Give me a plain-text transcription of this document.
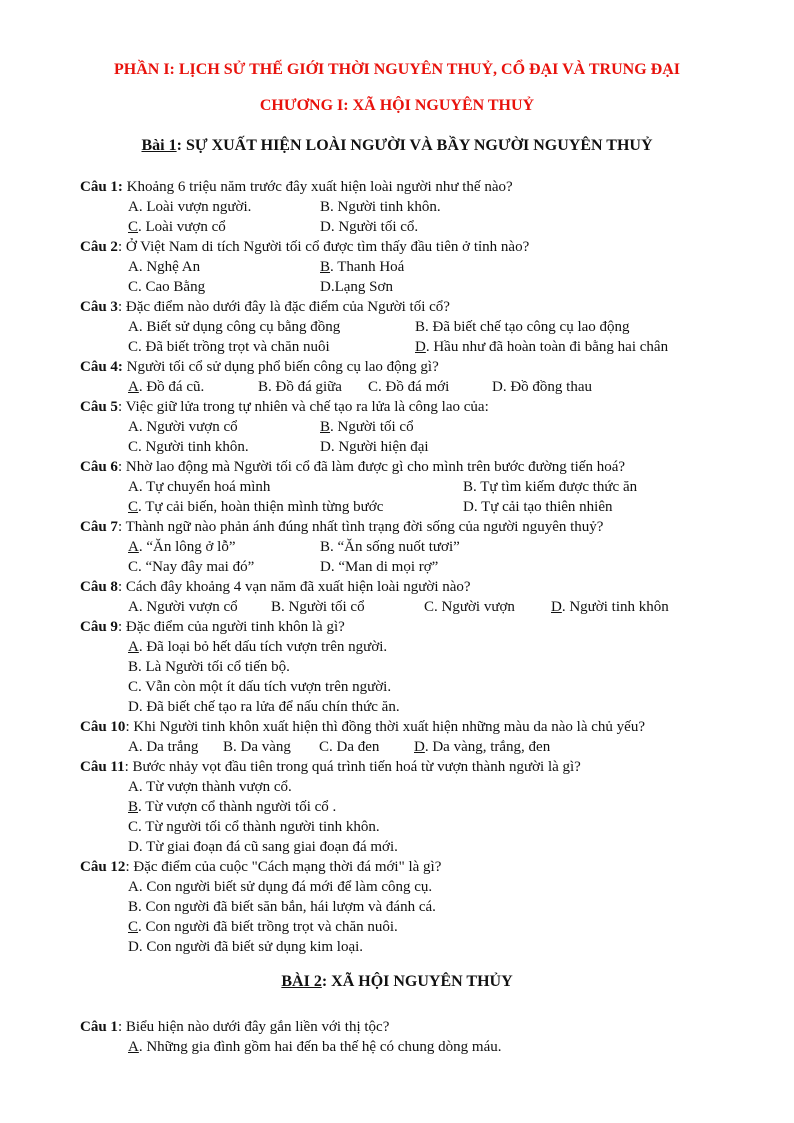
PHẦN I: LỊCH SỬ THẾ GIỚI THỜI NGUYÊN THUỶ, CỔ ĐẠI VÀ TRUNG ĐẠI
CHƯƠNG I: XÃ HỘI NGUYÊN THUỶ
Bài 1: SỰ XUẤT HIỆN LOÀI NGƯỜI VÀ BẦY NGƯỜI NGUYÊN THUỶ
Câu 1: Khoảng 6 triệu năm trước đây xuất hiện loài người như thế nào?
A. Loài vượn người.	B. Người tinh khôn.
C. Loài vượn cổ	D. Người tối cổ.
Câu 2: Ở Việt Nam di tích Người tối cổ được tìm thấy đầu tiên ở tỉnh nào?
A. Nghệ An	B. Thanh Hoá
C. Cao Bằng	D.Lạng Sơn
Câu 3: Đặc điểm nào dưới đây là đặc điểm của Người tối cổ?
A. Biết sử dụng công cụ bằng đồng	B. Đã biết chế tạo công cụ lao động
C. Đã biết trồng trọt và chăn nuôi	D. Hầu như đã hoàn toàn đi bằng hai chân
Câu 4: Người tối cổ sử dụng phổ biến công cụ lao động gì?
A. Đồ đá cũ.	B. Đồ đá giữa C. Đồ đá mới	D. Đồ đồng thau
Câu 5: Việc giữ lửa trong tự nhiên và chế tạo ra lửa là công lao của:
A. Người vượn cổ	B. Người tối cổ
C. Người tinh khôn.	D. Người hiện đại
Câu 6: Nhờ lao động mà Người tối cổ đã làm được gì cho mình trên bước đường tiến hoá?
A. Tự chuyển hoá mình	B. Tự tìm kiếm được thức ăn
C. Tự cải biến, hoàn thiện mình từng bước	D. Tự cải tạo thiên nhiên
Câu 7: Thành ngữ nào phản ánh đúng nhất tình trạng đời sống của người nguyên thuỷ?
A. “Ăn lông ở lỗ”	B. “Ăn sống nuốt tươi”
C. “Nay đây mai đó”	D. “Man di mọi rợ”
Câu 8: Cách đây khoảng 4 vạn năm đã xuất hiện loài người nào?
A. Người vượn cổ B. Người tối cổ	C. Người vượn D. Người tinh khôn
Câu 9: Đặc điểm của người tinh khôn là gì?
A. Đã loại bỏ hết dấu tích vượn trên người.
B. Là Người tối cổ tiến bộ.
C. Vẫn còn một ít dấu tích vượn trên người.
D. Đã biết chế tạo ra lửa để nấu chín thức ăn.
Câu 10: Khi Người tinh khôn xuất hiện thì đồng thời xuất hiện những màu da nào là chủ yếu?
A. Da trắng B. Da vàng C. Da đen D. Da vàng, trắng, đen
Câu 11: Bước nhảy vọt đầu tiên trong quá trình tiến hoá từ vượn thành người là gì?
A. Từ vượn thành vượn cổ.
B. Từ vượn cổ thành người tối cổ .
C. Từ người tối cổ thành người tinh khôn.
D. Từ giai đoạn đá cũ sang giai đoạn đá mới.
Câu 12: Đặc điểm của cuộc "Cách mạng thời đá mới" là gì?
A. Con người biết sử dụng đá mới để làm công cụ.
B. Con người đã biết săn bắn, hái lượm và đánh cá.
C. Con người đã biết trồng trọt và chăn nuôi.
D. Con người đã biết sử dụng kim loại.
BÀI 2: XÃ HỘI NGUYÊN THỦY
Câu 1: Biểu hiện nào dưới đây gắn liền với thị tộc?
A. Những gia đình gồm hai đến ba thế hệ có chung dòng máu.
